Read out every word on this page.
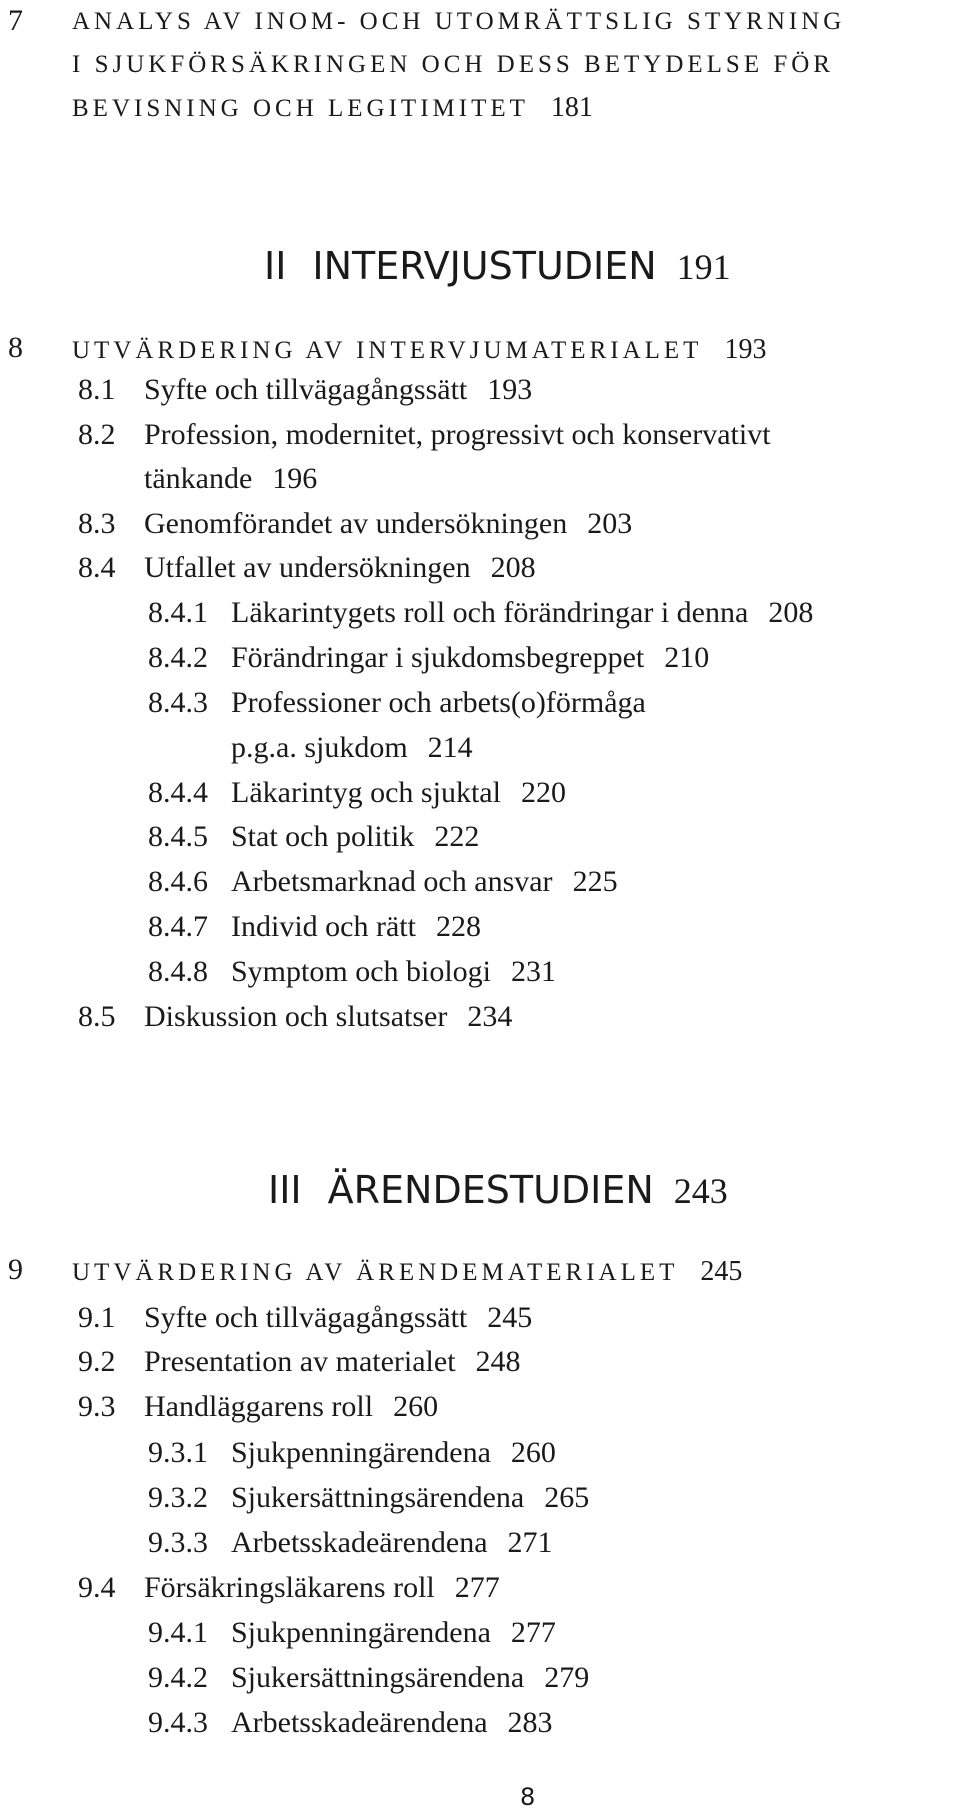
7 ANALYS AV INOM- OCH UTOMRÄTTSLIG STYRNING
I SJUKFÖRSÄKRINGEN OCH DESS BETYDELSE FÖR
BEVISNING OCH LEGITIMITET 181
II INTERVJUSTUDIEN 191
8 UTVÄRDERING AV INTERVJUMATERIALET 193
8.1 Syfte och tillvägagångssätt 193
8.2 Profession, modernitet, progressivt och konservativt
tänkande 196
8.3 Genomförandet av undersökningen 203
8.4 Utfallet av undersökningen 208
8.4.1 Läkarintygets roll och förändringar i denna 208
8.4.2 Förändringar i sjukdomsbegreppet 210
8.4.3 Professioner och arbets(o)förmåga
p.g.a. sjukdom 214
8.4.4 Läkarintyg och sjuktal 220
8.4.5 Stat och politik 222
8.4.6 Arbetsmarknad och ansvar 225
8.4.7 Individ och rätt 228
8.4.8 Symptom och biologi 231
8.5 Diskussion och slutsatser 234
III ÄRENDESTUDIEN 243
9 UTVÄRDERING AV ÄRENDEMATERIALET 245
9.1 Syfte och tillvägagångssätt 245
9.2 Presentation av materialet 248
9.3 Handläggarens roll 260
9.3.1 Sjukpenningärendena 260
9.3.2 Sjukersättningsärendena 265
9.3.3 Arbetsskadeärendena 271
9.4 Försäkringsläkarens roll 277
9.4.1 Sjukpenningärendena 277
9.4.2 Sjukersättningsärendena 279
9.4.3 Arbetsskadeärendena 283
8
